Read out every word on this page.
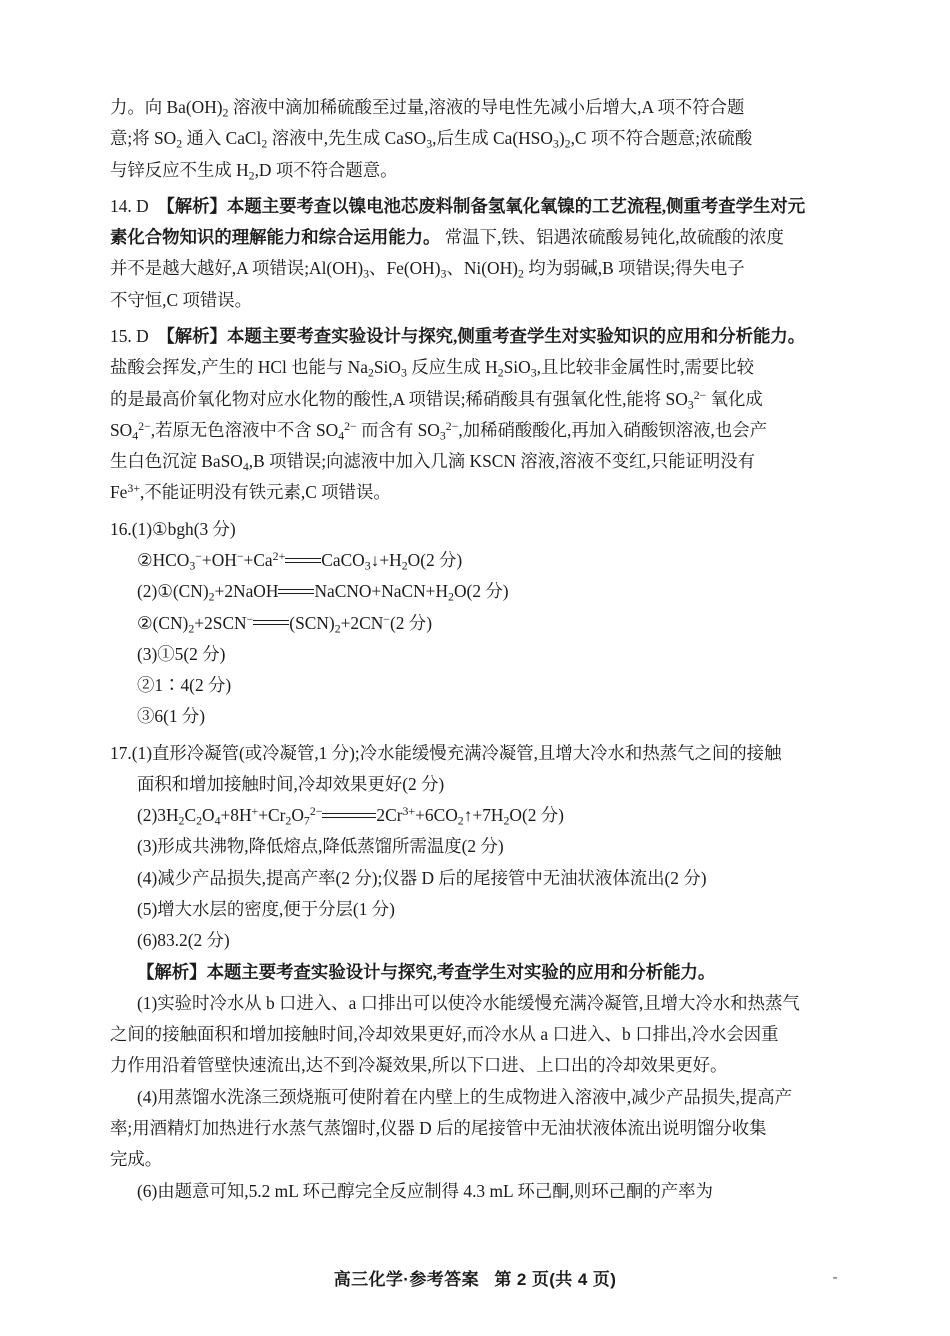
力。向 $Ba(OH)_2$ 溶液中滴加稀硫酸至过量,溶液的导电性先减小后增大,A 项不符合题

意;将 $SO_2$ 通入 CaCl$_2$ 溶液中,先生成 CaSO$_3$,后生成 $Ca(HSO_3)_2,C$ 项不符合题意;浓硫酸

与锌反应不生成 $H_2,D$ 项不符合题意。

14. D 【解析】本题主要考查以镍电池芯废料制备氢氧化氧镍的工艺流程,侧重考查学生对元

素化合物知识的理解能力和综合运用能力。 常温下,铁、铝遇浓硫酸易钝化,故硫酸的浓度

并不是越大越好,A 项错误$;Al(OH)_3$、$Fe(OH)_3$、$Ni(OH)_2$ 均为弱碱,B 项错误;得失电子

不守恒,C 项错误。

15. D 【解析】本题主要考查实验设计与探究,侧重考查学生对实验知识的应用和分析能力。

盐酸会挥发,产生的 HCl 也能与 $Na_2SiO_3$ 反应生成 $H_2SiO_3$,且比较非金属性时,需要比较

的是最高价氧化物对应水化物的酸性,A 项错误;稀硝酸具有强氧化性,能将 $SO_3^{2-}$ 氧化成

$SO_4^{2-}$,若原无色溶液中不含 $SO_4^{2-}$ 而含有 $SO_3^{2-}$,加稀硝酸酸化,再加入硝酸钡溶液,也会产

生白色沉淀 BaSO$_4$,B 项错误;向滤液中加入几滴 KSCN 溶液,溶液不变红,只能证明没有

$Fe^{3+}$,不能证明没有铁元素,C 项错误。

16.(1)①bgh(3 分)

$②HCO_3^-+OH^-+Ca^{2+}$ $CaCO_3↓+H_2O(2$ 分)

$(2)①(CN)_2+2NaOH$ $NaCNO+NaCN+H_2O(2$ 分)

$②(CN)_2+2SCN^-$ $(SCN)_2+2CN^-(2$ 分)

(3)①5(2 分)

②1∶4(2 分)

③6(1 分)

17.(1)直形冷凝管(或冷凝管,1 分);冷水能缓慢充满冷凝管,且增大冷水和热蒸气之间的接触

面积和增加接触时间,冷却效果更好(2 分)

$(2)3H_2C_2O_4+8H^++Cr_2O_7^{2-}$	$2Cr^{3+}+6CO_2↑+7H_2O(2$ 分)

(3)形成共沸物,降低熔点,降低蒸馏所需温度(2 分)

(4)减少产品损失,提高产率(2 分);仪器 D 后的尾接管中无油状液体流出(2 分)

(5)增大水层的密度,便于分层(1 分)

(6)83.2(2 分)

【解析】本题主要考查实验设计与探究,考查学生对实验的应用和分析能力。

(1)实验时冷水从 b 口进入、a 口排出可以使冷水能缓慢充满冷凝管,且增大冷水和热蒸气

之间的接触面积和增加接触时间,冷却效果更好,而冷水从 a 口进入、b 口排出,冷水会因重

力作用沿着管壁快速流出,达不到冷凝效果,所以下口进、上口出的冷却效果更好。

(4)用蒸馏水洗涤三颈烧瓶可使附着在内壁上的生成物进入溶液中,减少产品损失,提高产

率;用酒精灯加热进行水蒸气蒸馏时,仪器 D 后的尾接管中无油状液体流出说明馏分收集

完成。

(6)由题意可知,5.2 mL 环己醇完全反应制得 4.3 mL 环己酮,则环己酮的产率为

高三化学·参考答案 第 2 页(共 4 页)	-
